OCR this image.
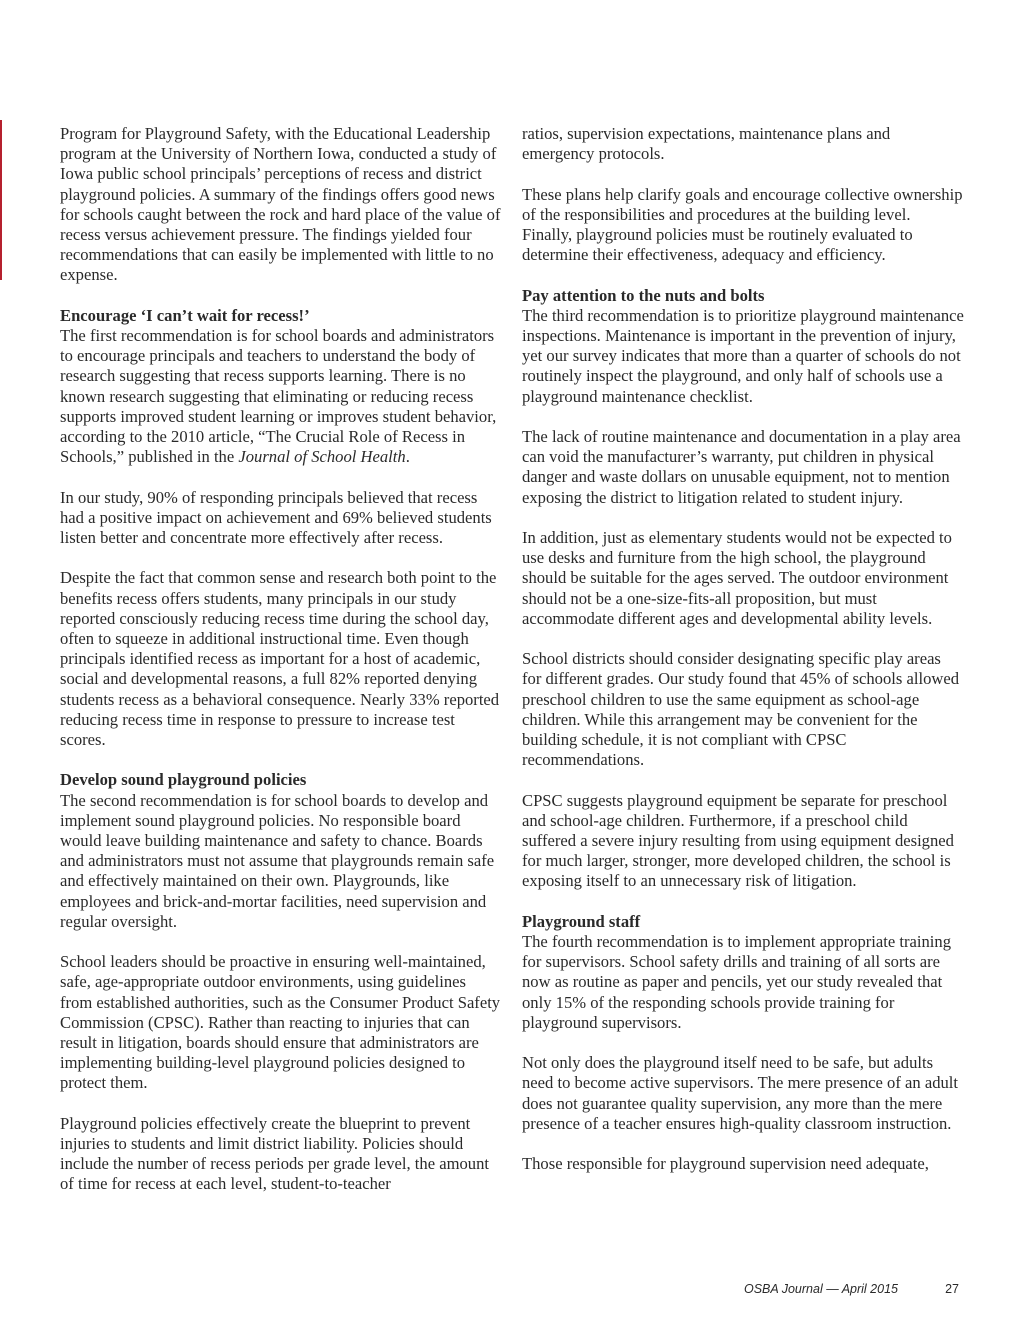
Program for Playground Safety, with the Educational Leadership program at the University of Northern Iowa, conducted a study of Iowa public school principals’ perceptions of recess and district playground policies. A summary of the findings offers good news for schools caught between the rock and hard place of the value of recess versus achievement pressure. The findings yielded four recommendations that can easily be implemented with little to no expense.

Encourage ‘I can’t wait for recess!’

The first recommendation is for school boards and administrators to encourage principals and teachers to understand the body of research suggesting that recess supports learning. There is no known research suggesting that eliminating or reducing recess supports improved student learning or improves student behavior, according to the 2010 article, “The Crucial Role of Recess in Schools,” published in the Journal of School Health.

In our study, 90% of responding principals believed that recess had a positive impact on achievement and 69% believed students listen better and concentrate more effectively after recess.

Despite the fact that common sense and research both point to the benefits recess offers students, many principals in our study reported consciously reducing recess time during the school day, often to squeeze in additional instructional time. Even though principals identified recess as important for a host of academic, social and developmental reasons, a full 82% reported denying students recess as a behavioral consequence. Nearly 33% reported reducing recess time in response to pressure to increase test scores.

Develop sound playground policies

The second recommendation is for school boards to develop and implement sound playground policies. No responsible board would leave building maintenance and safety to chance. Boards and administrators must not assume that playgrounds remain safe and effectively maintained on their own. Playgrounds, like employees and brick-and-mortar facilities, need supervision and regular oversight.

School leaders should be proactive in ensuring well-maintained, safe, age-appropriate outdoor environments, using guidelines from established authorities, such as the Consumer Product Safety Commission (CPSC). Rather than reacting to injuries that can result in litigation, boards should ensure that administrators are implementing building-level playground policies designed to protect them.

Playground policies effectively create the blueprint to prevent injuries to students and limit district liability. Policies should include the number of recess periods per grade level, the amount of time for recess at each level, student-to-teacher

ratios, supervision expectations, maintenance plans and emergency protocols.

These plans help clarify goals and encourage collective ownership of the responsibilities and procedures at the building level. Finally, playground policies must be routinely evaluated to determine their effectiveness, adequacy and efficiency.

Pay attention to the nuts and bolts

The third recommendation is to prioritize playground maintenance inspections. Maintenance is important in the prevention of injury, yet our survey indicates that more than a quarter of schools do not routinely inspect the playground, and only half of schools use a playground maintenance checklist.

The lack of routine maintenance and documentation in a play area can void the manufacturer’s warranty, put children in physical danger and waste dollars on unusable equipment, not to mention exposing the district to litigation related to student injury.

In addition, just as elementary students would not be expected to use desks and furniture from the high school, the playground should be suitable for the ages served. The outdoor environment should not be a one-size-fits-all proposition, but must accommodate different ages and developmental ability levels.

School districts should consider designating specific play areas for different grades. Our study found that 45% of schools allowed preschool children to use the same equipment as school-age children. While this arrangement may be convenient for the building schedule, it is not compliant with CPSC recommendations.

CPSC suggests playground equipment be separate for preschool and school-age children. Furthermore, if a preschool child suffered a severe injury resulting from using equipment designed for much larger, stronger, more developed children, the school is exposing itself to an unnecessary risk of litigation.

Playground staff

The fourth recommendation is to implement appropriate training for supervisors. School safety drills and training of all sorts are now as routine as paper and pencils, yet our study revealed that only 15% of the responding schools provide training for playground supervisors.

Not only does the playground itself need to be safe, but adults need to become active supervisors. The mere presence of an adult does not guarantee quality supervision, any more than the mere presence of a teacher ensures high-quality classroom instruction.

Those responsible for playground supervision need adequate,

OSBA Journal — April 2015	27
